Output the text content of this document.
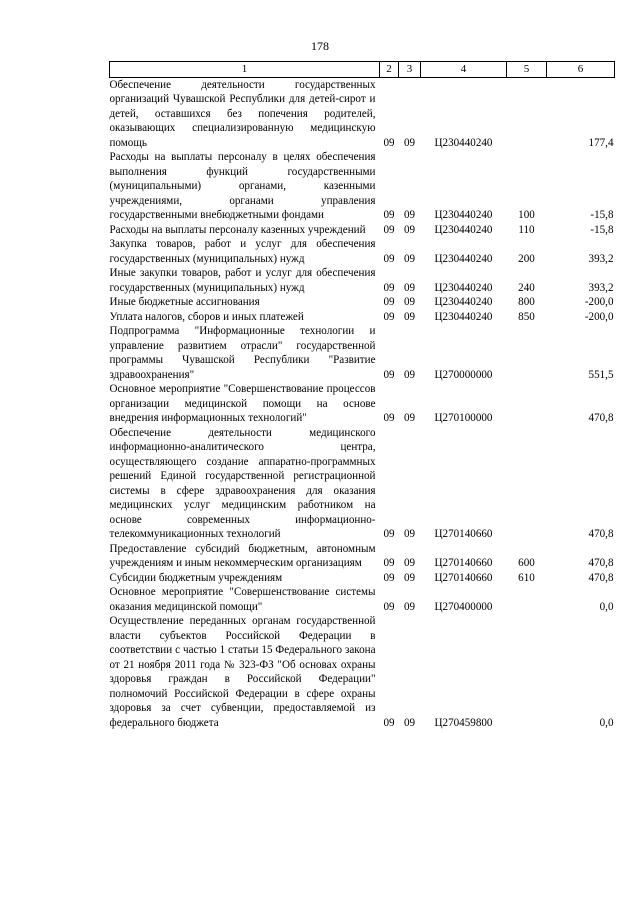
178
1	2	3	4	5	6
Обеспечение деятельности государственных организаций Чувашской Республики для детей-сирот и детей, оставшихся без попечения родителей, оказывающих специализированную медицинскую помощь	09	09	Ц230440240		177,4
Расходы на выплаты персоналу в целях обеспечения выполнения функций государственными (муниципальными) органами, казенными учреждениями, органами управления государственными внебюджетными фондами	09	09	Ц230440240	100	-15,8
Расходы на выплаты персоналу казенных учреждений	09	09	Ц230440240	110	-15,8
Закупка товаров, работ и услуг для обеспечения государственных (муниципальных) нужд	09	09	Ц230440240	200	393,2
Иные закупки товаров, работ и услуг для обеспечения государственных (муниципальных) нужд	09	09	Ц230440240	240	393,2
Иные бюджетные ассигнования	09	09	Ц230440240	800	-200,0
Уплата налогов, сборов и иных платежей	09	09	Ц230440240	850	-200,0
Подпрограмма "Информационные технологии и управление развитием отрасли" государственной программы Чувашской Республики "Развитие здравоохранения"	09	09	Ц270000000		551,5
Основное мероприятие "Совершенствование процессов организации медицинской помощи на основе внедрения информационных технологий"	09	09	Ц270100000		470,8
Обеспечение деятельности медицинского информационно-аналитического центра, осуществляющего создание аппаратно-программных решений Единой государственной регистрационной системы в сфере здравоохранения для оказания медицинских услуг медицинским работником на основе современных информационно-телекоммуникационных технологий	09	09	Ц270140660		470,8
Предоставление субсидий бюджетным, автономным учреждениям и иным некоммерческим организациям	09	09	Ц270140660	600	470,8
Субсидии бюджетным учреждениям	09	09	Ц270140660	610	470,8
Основное мероприятие "Совершенствование системы оказания медицинской помощи"	09	09	Ц270400000		0,0
Осуществление переданных органам государственной власти субъектов Российской Федерации в соответствии с частью 1 статьи 15 Федерального закона от 21 ноября 2011 года № 323-ФЗ "Об основах охраны здоровья граждан в Российской Федерации" полномочий Российской Федерации в сфере охраны здоровья за счет субвенции, предоставляемой из федерального бюджета	09	09	Ц270459800		0,0
